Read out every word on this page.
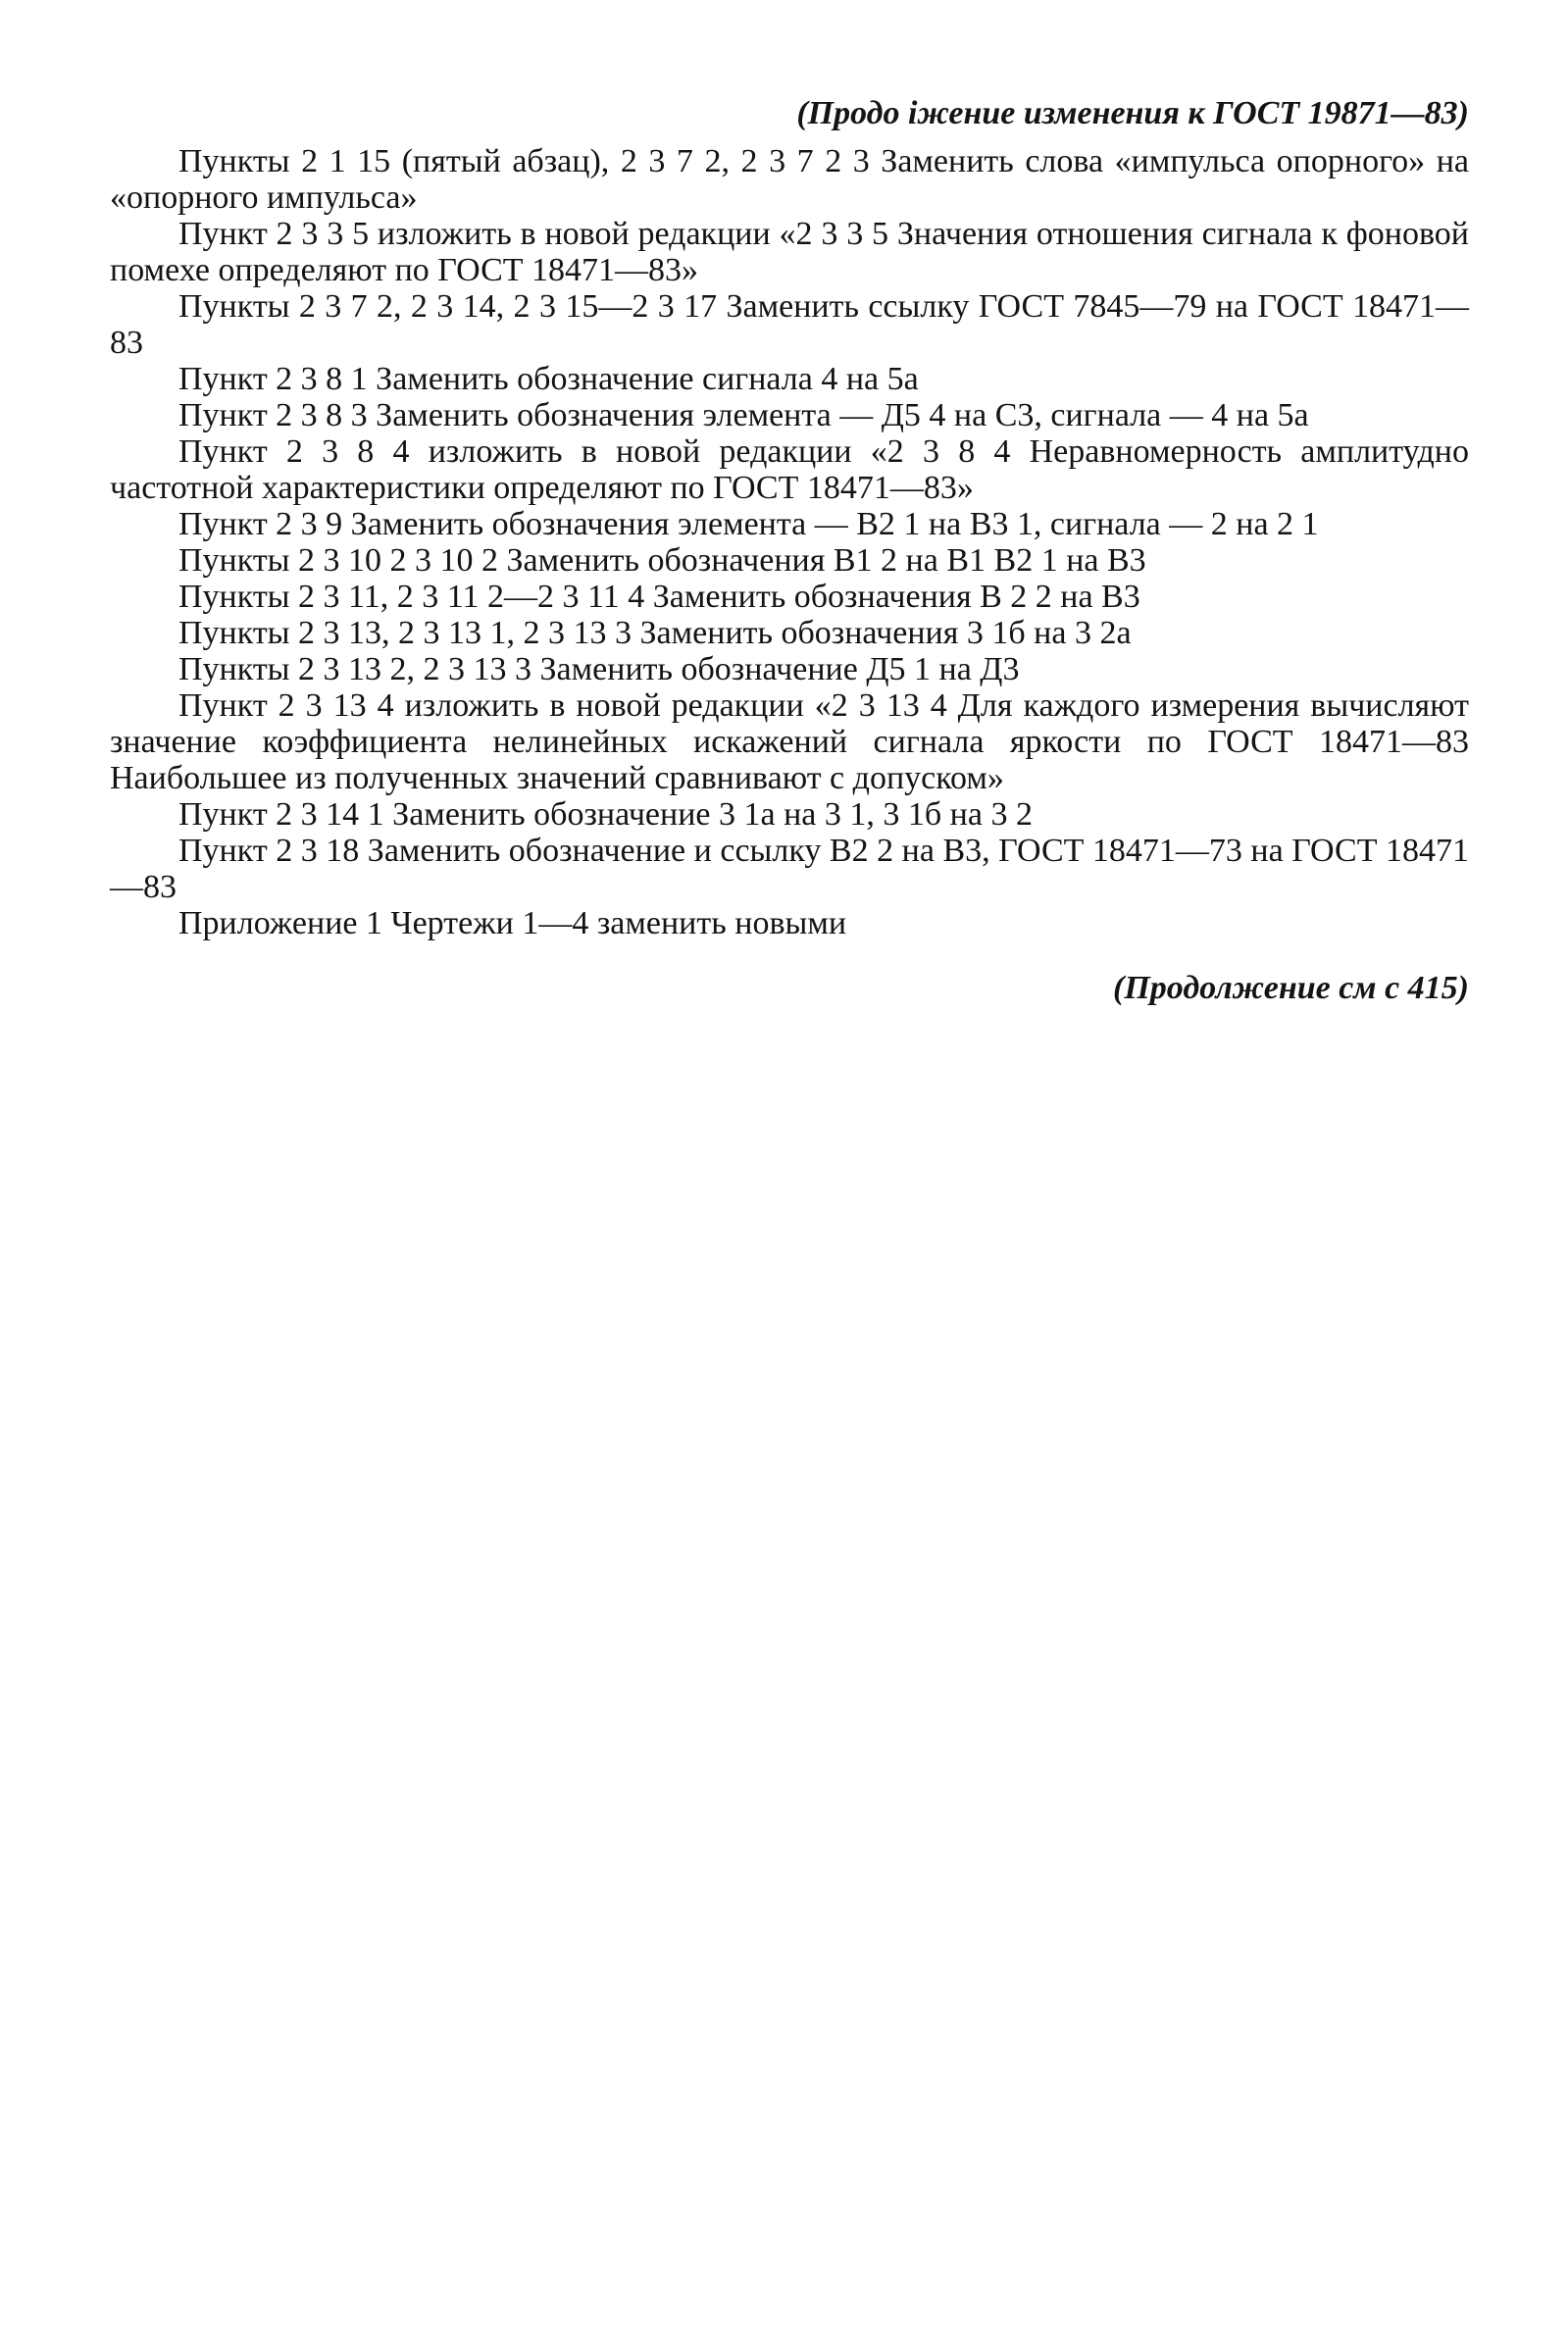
(Продо іжение изменения к ГОСТ 19871—83)

Пункты 2 1 15 (пятый абзац), 2 3 7 2, 2 3 7 2 3 Заменить слова «импульса опорного» на «опорного импульса»

Пункт 2 3 3 5 изложить в новой редакции «2 3 3 5 Значения отношения сигнала к фоновой помехе определяют по ГОСТ 18471—83»

Пункты 2 3 7 2, 2 3 14, 2 3 15—2 3 17 Заменить ссылку ГОСТ 7845—79 на ГОСТ 18471—83

Пункт 2 3 8 1 Заменить обозначение сигнала 4 на 5а

Пункт 2 3 8 3 Заменить обозначения элемента — Д5 4 на С3, сигнала — 4 на 5а

Пункт 2 3 8 4 изложить в новой редакции «2 3 8 4 Неравномерность амплитудно частотной характеристики определяют по ГОСТ 18471—83»

Пункт 2 3 9 Заменить обозначения элемента — В2 1 на В3 1, сигнала — 2 на 2 1

Пункты 2 3 10 2 3 10 2 Заменить обозначения В1 2 на В1 В2 1 на В3

Пункты 2 3 11, 2 3 11 2—2 3 11 4 Заменить обозначения В 2 2 на В3

Пункты 2 3 13, 2 3 13 1, 2 3 13 3 Заменить обозначения 3 1б на 3 2а

Пункты 2 3 13 2, 2 3 13 3 Заменить обозначение Д5 1 на Д3

Пункт 2 3 13 4 изложить в новой редакции «2 3 13 4 Для каждого измерения вычисляют значение коэффициента нелинейных искажений сигнала яркости по ГОСТ 18471—83 Наибольшее из полученных значений сравнивают с допуском»

Пункт 2 3 14 1 Заменить обозначение 3 1а на 3 1, 3 1б на 3 2

Пункт 2 3 18 Заменить обозначение и ссылку В2 2 на В3, ГОСТ 18471—73 на ГОСТ 18471—83

Приложение 1 Чертежи 1—4 заменить новыми

(Продолжение см с 415)
